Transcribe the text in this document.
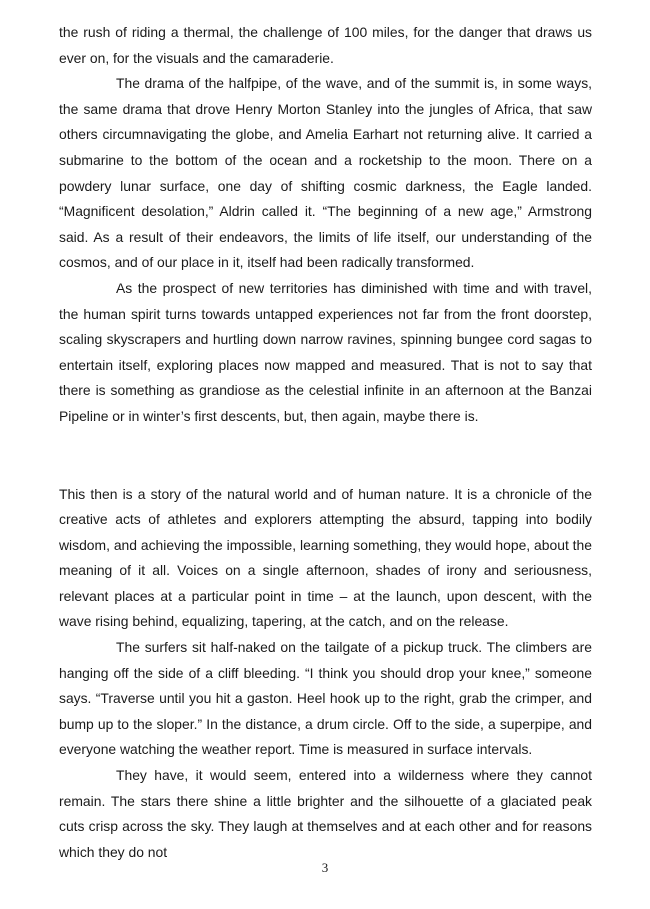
the rush of riding a thermal, the challenge of 100 miles, for the danger that draws us ever on, for the visuals and the camaraderie.

The drama of the halfpipe, of the wave, and of the summit is, in some ways, the same drama that drove Henry Morton Stanley into the jungles of Africa, that saw others circumnavigating the globe, and Amelia Earhart not returning alive. It carried a submarine to the bottom of the ocean and a rocketship to the moon. There on a powdery lunar surface, one day of shifting cosmic darkness, the Eagle landed. “Magnificent desolation,” Aldrin called it. “The beginning of a new age,” Armstrong said. As a result of their endeavors, the limits of life itself, our understanding of the cosmos, and of our place in it, itself had been radically transformed.

As the prospect of new territories has diminished with time and with travel, the human spirit turns towards untapped experiences not far from the front doorstep, scaling skyscrapers and hurtling down narrow ravines, spinning bungee cord sagas to entertain itself, exploring places now mapped and measured. That is not to say that there is something as grandiose as the celestial infinite in an afternoon at the Banzai Pipeline or in winter’s first descents, but, then again, maybe there is.

This then is a story of the natural world and of human nature. It is a chronicle of the creative acts of athletes and explorers attempting the absurd, tapping into bodily wisdom, and achieving the impossible, learning something, they would hope, about the meaning of it all. Voices on a single afternoon, shades of irony and seriousness, relevant places at a particular point in time – at the launch, upon descent, with the wave rising behind, equalizing, tapering, at the catch, and on the release.

The surfers sit half-naked on the tailgate of a pickup truck. The climbers are hanging off the side of a cliff bleeding. “I think you should drop your knee,” someone says. “Traverse until you hit a gaston. Heel hook up to the right, grab the crimper, and bump up to the sloper.” In the distance, a drum circle. Off to the side, a superpipe, and everyone watching the weather report. Time is measured in surface intervals.

They have, it would seem, entered into a wilderness where they cannot remain. The stars there shine a little brighter and the silhouette of a glaciated peak cuts crisp across the sky. They laugh at themselves and at each other and for reasons which they do not

3
